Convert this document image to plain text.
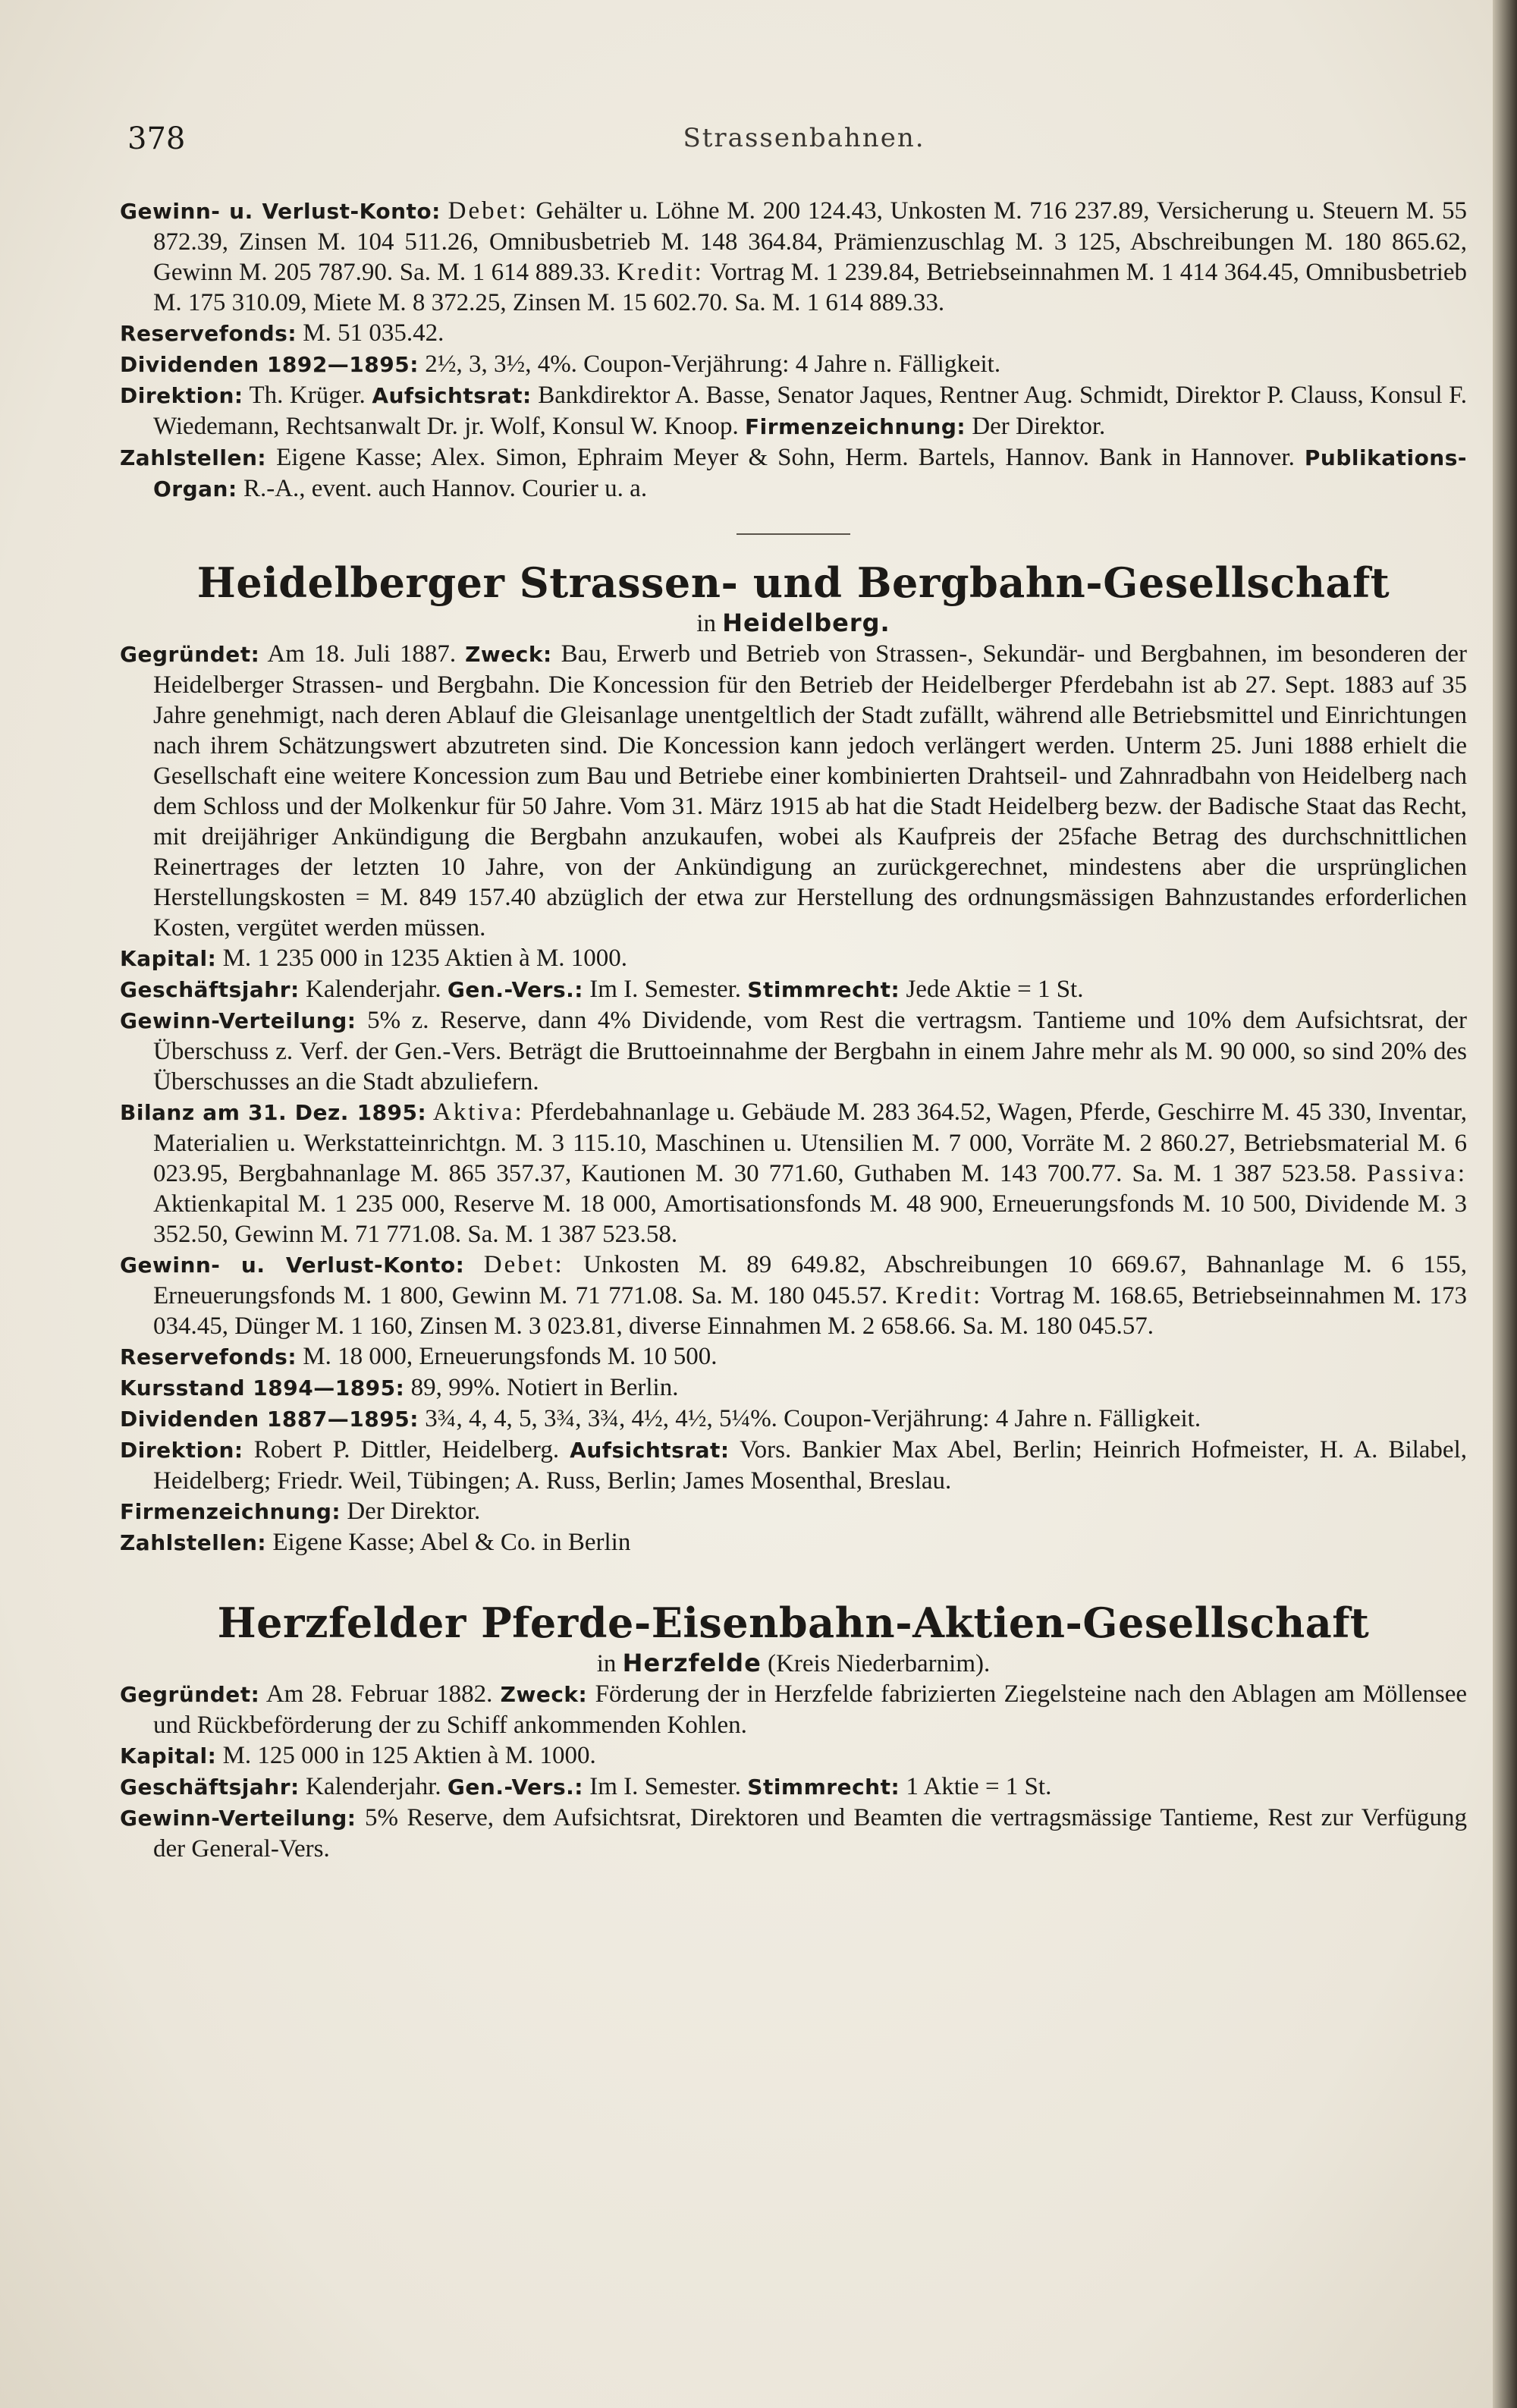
378	Strassenbahnen.

Gewinn- u. Verlust-Konto: Debet: Gehälter u. Löhne M. 200 124.43, Unkosten M. 716 237.89, Versicherung u. Steuern M. 55 872.39, Zinsen M. 104 511.26, Omnibusbetrieb M. 148 364.84, Prämienzuschlag M. 3 125, Abschreibungen M. 180 865.62, Gewinn M. 205 787.90. Sa. M. 1 614 889.33. Kredit: Vortrag M. 1 239.84, Betriebseinnahmen M. 1 414 364.45, Omnibusbetrieb M. 175 310.09, Miete M. 8 372.25, Zinsen M. 15 602.70. Sa. M. 1 614 889.33.

Reservefonds: M. 51 035.42.

Dividenden 1892—1895: 2½, 3, 3½, 4%. Coupon-Verjährung: 4 Jahre n. Fälligkeit.

Direktion: Th. Krüger. Aufsichtsrat: Bankdirektor A. Basse, Senator Jaques, Rentner Aug. Schmidt, Direktor P. Clauss, Konsul F. Wiedemann, Rechtsanwalt Dr. jr. Wolf, Konsul W. Knoop. Firmenzeichnung: Der Direktor.

Zahlstellen: Eigene Kasse; Alex. Simon, Ephraim Meyer & Sohn, Herm. Bartels, Hannov. Bank in Hannover. Publikations-Organ: R.-A., event. auch Hannov. Courier u. a.

Heidelberger Strassen- und Bergbahn-Gesellschaft

in Heidelberg.

Gegründet: Am 18. Juli 1887. Zweck: Bau, Erwerb und Betrieb von Strassen-, Sekundär- und Bergbahnen, im besonderen der Heidelberger Strassen- und Bergbahn. Die Koncession für den Betrieb der Heidelberger Pferdebahn ist ab 27. Sept. 1883 auf 35 Jahre genehmigt, nach deren Ablauf die Gleisanlage unentgeltlich der Stadt zufällt, während alle Betriebsmittel und Einrichtungen nach ihrem Schätzungswert abzutreten sind. Die Koncession kann jedoch verlängert werden. Unterm 25. Juni 1888 erhielt die Gesellschaft eine weitere Koncession zum Bau und Betriebe einer kombinierten Drahtseil- und Zahnradbahn von Heidelberg nach dem Schloss und der Molkenkur für 50 Jahre. Vom 31. März 1915 ab hat die Stadt Heidelberg bezw. der Badische Staat das Recht, mit dreijähriger Ankündigung die Bergbahn anzukaufen, wobei als Kaufpreis der 25fache Betrag des durchschnittlichen Reinertrages der letzten 10 Jahre, von der Ankündigung an zurückgerechnet, mindestens aber die ursprünglichen Herstellungskosten = M. 849 157.40 abzüglich der etwa zur Herstellung des ordnungsmässigen Bahnzustandes erforderlichen Kosten, vergütet werden müssen.

Kapital: M. 1 235 000 in 1235 Aktien à M. 1000.

Geschäftsjahr: Kalenderjahr. Gen.-Vers.: Im I. Semester. Stimmrecht: Jede Aktie = 1 St.

Gewinn-Verteilung: 5% z. Reserve, dann 4% Dividende, vom Rest die vertragsm. Tantieme und 10% dem Aufsichtsrat, der Überschuss z. Verf. der Gen.-Vers. Beträgt die Bruttoeinnahme der Bergbahn in einem Jahre mehr als M. 90 000, so sind 20% des Überschusses an die Stadt abzuliefern.

Bilanz am 31. Dez. 1895: Aktiva: Pferdebahnanlage u. Gebäude M. 283 364.52, Wagen, Pferde, Geschirre M. 45 330, Inventar, Materialien u. Werkstatteinrichtgn. M. 3 115.10, Maschinen u. Utensilien M. 7 000, Vorräte M. 2 860.27, Betriebsmaterial M. 6 023.95, Bergbahnanlage M. 865 357.37, Kautionen M. 30 771.60, Guthaben M. 143 700.77. Sa. M. 1 387 523.58. Passiva: Aktienkapital M. 1 235 000, Reserve M. 18 000, Amortisationsfonds M. 48 900, Erneuerungsfonds M. 10 500, Dividende M. 3 352.50, Gewinn M. 71 771.08. Sa. M. 1 387 523.58.

Gewinn- u. Verlust-Konto: Debet: Unkosten M. 89 649.82, Abschreibungen 10 669.67, Bahnanlage M. 6 155, Erneuerungsfonds M. 1 800, Gewinn M. 71 771.08. Sa. M. 180 045.57. Kredit: Vortrag M. 168.65, Betriebseinnahmen M. 173 034.45, Dünger M. 1 160, Zinsen M. 3 023.81, diverse Einnahmen M. 2 658.66. Sa. M. 180 045.57.

Reservefonds: M. 18 000, Erneuerungsfonds M. 10 500.

Kursstand 1894—1895: 89, 99%. Notiert in Berlin.

Dividenden 1887—1895: 3¾, 4, 4, 5, 3¾, 3¾, 4½, 4½, 5¼%. Coupon-Verjährung: 4 Jahre n. Fälligkeit.

Direktion: Robert P. Dittler, Heidelberg. Aufsichtsrat: Vors. Bankier Max Abel, Berlin; Heinrich Hofmeister, H. A. Bilabel, Heidelberg; Friedr. Weil, Tübingen; A. Russ, Berlin; James Mosenthal, Breslau.

Firmenzeichnung: Der Direktor.

Zahlstellen: Eigene Kasse; Abel & Co. in Berlin

Herzfelder Pferde-Eisenbahn-Aktien-Gesellschaft

in Herzfelde (Kreis Niederbarnim).

Gegründet: Am 28. Februar 1882. Zweck: Förderung der in Herzfelde fabrizierten Ziegelsteine nach den Ablagen am Möllensee und Rückbeförderung der zu Schiff ankommenden Kohlen.

Kapital: M. 125 000 in 125 Aktien à M. 1000.

Geschäftsjahr: Kalenderjahr. Gen.-Vers.: Im I. Semester. Stimmrecht: 1 Aktie = 1 St.

Gewinn-Verteilung: 5% Reserve, dem Aufsichtsrat, Direktoren und Beamten die vertragsmässige Tantieme, Rest zur Verfügung der General-Vers.
